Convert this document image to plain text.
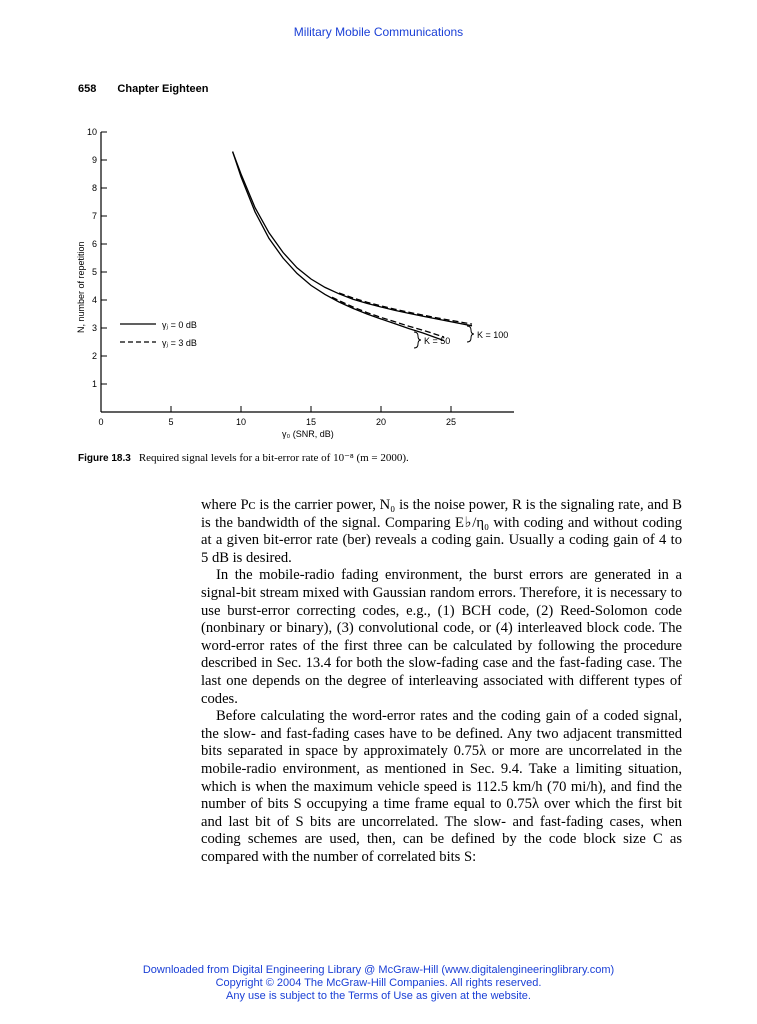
Military Mobile Communications
658 Chapter Eighteen
0	5	10	15	20	25
1
2
3
4
5
6
7
8
9
10
γⱼ = 0 dB
γⱼ = 3 dB
K = 100
K = 50
N, number of repetition
γ₀ (SNR, dB)
Figure 18.3 Required signal levels for a bit-error rate of 10⁻⁸ (m = 2000).

where Pᴄ is the carrier power, N₀ is the noise power, R is the signaling rate, and B is the bandwidth of the signal. Comparing E♭/η₀ with coding and without coding at a given bit-error rate (ber) reveals a coding gain. Usually a coding gain of 4 to 5 dB is desired.

In the mobile-radio fading environment, the burst errors are generated in a signal-bit stream mixed with Gaussian random errors. Therefore, it is necessary to use burst-error correcting codes, e.g., (1) BCH code, (2) Reed-Solomon code (nonbinary or binary), (3) convolutional code, or (4) interleaved block code. The word-error rates of the first three can be calculated by following the procedure described in Sec. 13.4 for both the slow-fading case and the fast-fading case. The last one depends on the degree of interleaving associated with different types of codes.

Before calculating the word-error rates and the coding gain of a coded signal, the slow- and fast-fading cases have to be defined. Any two adjacent transmitted bits separated in space by approximately 0.75λ or more are uncorrelated in the mobile-radio environment, as mentioned in Sec. 9.4. Take a limiting situation, which is when the maximum vehicle speed is 112.5 km/h (70 mi/h), and find the number of bits S occupying a time frame equal to 0.75λ over which the first bit and last bit of S bits are uncorrelated. The slow- and fast-fading cases, when coding schemes are used, then, can be defined by the code block size C as compared with the number of correlated bits S:

Downloaded from Digital Engineering Library @ McGraw-Hill (www.digitalengineeringlibrary.com)
Copyright © 2004 The McGraw-Hill Companies. All rights reserved.
Any use is subject to the Terms of Use as given at the website.
